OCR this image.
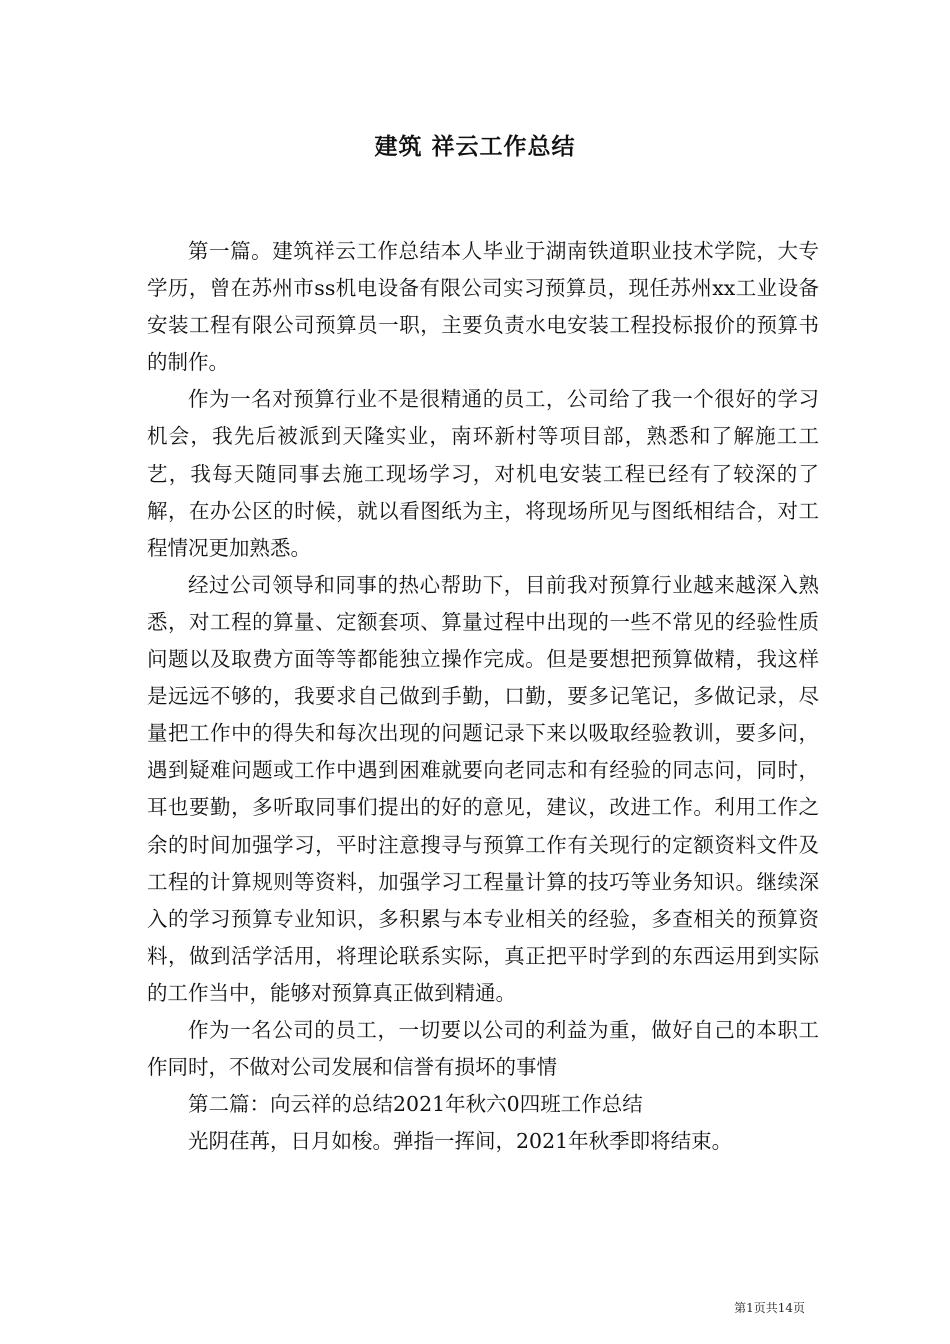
建筑 祥云工作总结

第一篇。建筑祥云工作总结本人毕业于湖南铁道职业技术学院，大专学历，曾在苏州市ss机电设备有限公司实习预算员，现任苏州xx工业设备安装工程有限公司预算员一职，主要负责水电安装工程投标报价的预算书的制作。

作为一名对预算行业不是很精通的员工，公司给了我一个很好的学习机会，我先后被派到天隆实业，南环新村等项目部，熟悉和了解施工工艺，我每天随同事去施工现场学习，对机电安装工程已经有了较深的了解，在办公区的时候，就以看图纸为主，将现场所见与图纸相结合，对工程情况更加熟悉。

经过公司领导和同事的热心帮助下，目前我对预算行业越来越深入熟悉，对工程的算量、定额套项、算量过程中出现的一些不常见的经验性质问题以及取费方面等等都能独立操作完成。但是要想把预算做精，我这样是远远不够的，我要求自己做到手勤，口勤，要多记笔记，多做记录，尽量把工作中的得失和每次出现的问题记录下来以吸取经验教训，要多问，遇到疑难问题或工作中遇到困难就要向老同志和有经验的同志问，同时，耳也要勤，多听取同事们提出的好的意见，建议，改进工作。利用工作之余的时间加强学习，平时注意搜寻与预算工作有关现行的定额资料文件及工程的计算规则等资料，加强学习工程量计算的技巧等业务知识。继续深入的学习预算专业知识，多积累与本专业相关的经验，多查相关的预算资料，做到活学活用，将理论联系实际，真正把平时学到的东西运用到实际的工作当中，能够对预算真正做到精通。

作为一名公司的员工，一切要以公司的利益为重，做好自己的本职工作同时，不做对公司发展和信誉有损坏的事情

第二篇：向云祥的总结2021年秋六0四班工作总结

光阴荏苒，日月如梭。弹指一挥间，2021年秋季即将结束。

第1页共14页
